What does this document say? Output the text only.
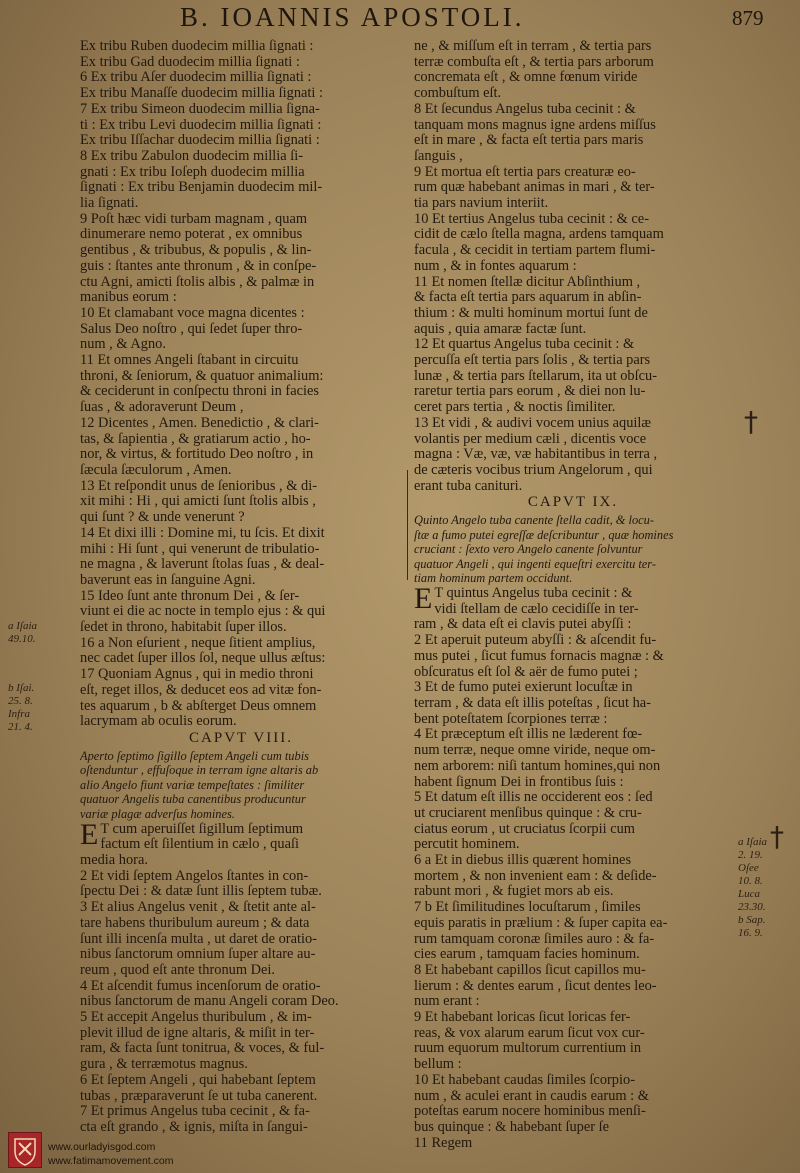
B. IOANNIS APOSTOLI.	879
Ex tribu Ruben duodecim millia ſignati :
Ex tribu Gad duodecim millia ſignati :
6 Ex tribu Aſer duodecim millia ſignati :
Ex tribu Manaſſe duodecim millia ſignati :
7 Ex tribu Simeon duodecim millia ſigna-
ti : Ex tribu Levi duodecim millia ſignati :
Ex tribu Iſſachar duodecim millia ſignati :
8 Ex tribu Zabulon duodecim millia ſi-
gnati : Ex tribu Ioſeph duodecim millia
ſignati : Ex tribu Benjamin duodecim mil-
lia ſignati.
9 Poſt hæc vidi turbam magnam , quam
dinumerare nemo poterat , ex omnibus
gentibus , & tribubus, & populis , & lin-
guis : ſtantes ante thronum , & in conſpe-
ctu Agni, amicti ſtolis albis , & palmæ in
manibus eorum :
10 Et clamabant voce magna dicentes :
Salus Deo noſtro , qui ſedet ſuper thro-
num , & Agno.
11 Et omnes Angeli ſtabant in circuitu
throni, & ſeniorum, & quatuor animalium:
& ceciderunt in conſpectu throni in facies
ſuas , & adoraverunt Deum ,
12 Dicentes , Amen. Benedictio , & clari-
tas, & ſapientia , & gratiarum actio , ho-
nor, & virtus, & fortitudo Deo noſtro , in
ſæcula ſæculorum , Amen.
13 Et reſpondit unus de ſenioribus , & di-
xit mihi : Hi , qui amicti ſunt ſtolis albis ,
qui ſunt ? & unde venerunt ?
14 Et dixi illi : Domine mi, tu ſcis. Et dixit
mihi : Hi ſunt , qui venerunt de tribulatio-
ne magna , & laverunt ſtolas ſuas , & deal-
baverunt eas in ſanguine Agni.
15 Ideo ſunt ante thronum Dei , & ſer-
viunt ei die ac nocte in templo ejus : & qui
ſedet in throno, habitabit ſuper illos.
16 a Non eſurient , neque ſitient amplius,
nec cadet ſuper illos ſol, neque ullus æſtus:
17 Quoniam Agnus , qui in medio throni
eſt, reget illos, & deducet eos ad vitæ fon-
tes aquarum , b & abſterget Deus omnem
lacrymam ab oculis eorum.
CAPVT VIII.
Aperto ſeptimo ſigillo ſeptem Angeli cum tubis
oſtenduntur , effuſoque in terram igne altaris ab
alio Angelo fiunt variæ tempeſtates : ſimiliter
quatuor Angelis tuba canentibus producuntur
variæ plagæ adverſus homines.
E T cum aperuiſſet ſigillum ſeptimum
factum eſt ſilentium in cælo , quaſi
media hora.
2 Et vidi ſeptem Angelos ſtantes in con-
ſpectu Dei : & datæ ſunt illis ſeptem tubæ.
3 Et alius Angelus venit , & ſtetit ante al-
tare habens thuribulum aureum ; & data
ſunt illi incenſa multa , ut daret de oratio-
nibus ſanctorum omnium ſuper altare au-
reum , quod eſt ante thronum Dei.
4 Et aſcendit fumus incenſorum de oratio-
nibus ſanctorum de manu Angeli coram Deo.
5 Et accepit Angelus thuribulum , & im-
plevit illud de igne altaris, & miſit in ter-
ram, & facta ſunt tonitrua, & voces, & ful-
gura , & terræmotus magnus.
6 Et ſeptem Angeli , qui habebant ſeptem
tubas , præparaverunt ſe ut tuba canerent.
7 Et primus Angelus tuba cecinit , & fa-
cta eſt grando , & ignis, miſta in ſangui-
ne , & miſſum eſt in terram , & tertia pars
terræ combuſta eſt , & tertia pars arborum
concremata eſt , & omne fœnum viride
combuſtum eſt.
8 Et ſecundus Angelus tuba cecinit : &
tanquam mons magnus igne ardens miſſus
eſt in mare , & facta eſt tertia pars maris
ſanguis ,
9 Et mortua eſt tertia pars creaturæ eo-
rum quæ habebant animas in mari , & ter-
tia pars navium interiit.
10 Et tertius Angelus tuba cecinit : & ce-
cidit de cælo ſtella magna, ardens tamquam
facula , & cecidit in tertiam partem flumi-
num , & in fontes aquarum :
11 Et nomen ſtellæ dicitur Abſinthium ,
& facta eſt tertia pars aquarum in abſin-
thium : & multi hominum mortui ſunt de
aquis , quia amaræ factæ ſunt.
12 Et quartus Angelus tuba cecinit : &
percuſſa eſt tertia pars ſolis , & tertia pars
lunæ , & tertia pars ſtellarum, ita ut obſcu-
raretur tertia pars eorum , & diei non lu-
ceret pars tertia , & noctis ſimiliter.
13 Et vidi , & audivi vocem unius aquilæ
volantis per medium cæli , dicentis voce
magna : Væ, væ, væ habitantibus in terra ,
de cæteris vocibus trium Angelorum , qui
erant tuba canituri.
CAPVT IX.
Quinto Angelo tuba canente ſtella cadit, & locu-
ſtæ a fumo putei egreſſæ deſcribuntur , quæ homines
cruciant : ſexto vero Angelo canente ſolvuntur
quatuor Angeli , qui ingenti equeſtri exercitu ter-
tiam hominum partem occidunt.
E T quintus Angelus tuba cecinit : &
vidi ſtellam de cælo cecidiſſe in ter-
ram , & data eſt ei clavis putei abyſſi :
2 Et aperuit puteum abyſſi : & aſcendit fu-
mus putei , ſicut fumus fornacis magnæ : &
obſcuratus eſt ſol & aër de fumo putei ;
3 Et de fumo putei exierunt locuſtæ in
terram , & data eſt illis poteſtas , ſicut ha-
bent poteſtatem ſcorpiones terræ :
4 Et præceptum eſt illis ne læderent fœ-
num terræ, neque omne viride, neque om-
nem arborem: niſi tantum homines,qui non
habent ſignum Dei in frontibus ſuis :
5 Et datum eſt illis ne occiderent eos : ſed
ut cruciarent menſibus quinque : & cru-
ciatus eorum , ut cruciatus ſcorpii cum
percutit hominem.
6 a Et in diebus illis quærent homines
mortem , & non invenient eam : & deſide-
rabunt mori , & fugiet mors ab eis.
7 b Et ſimilitudines locuſtarum , ſimiles
equis paratis in prælium : & ſuper capita ea-
rum tamquam coronæ ſimiles auro : & fa-
cies earum , tamquam facies hominum.
8 Et habebant capillos ſicut capillos mu-
lierum : & dentes earum , ſicut dentes leo-
num erant :
9 Et habebant loricas ſicut loricas fer-
reas, & vox alarum earum ſicut vox cur-
ruum equorum multorum currentium in
bellum :
10 Et habebant caudas ſimiles ſcorpio-
num , & aculei erant in caudis earum : &
poteſtas earum nocere hominibus menſi-
bus quinque : & habebant ſuper ſe
11 Regem
a Iſaia
49.10.
b Iſai.
25. 8.
Infra
21. 4.
a Iſaia
2. 19.
Oſee
10. 8.
Luca
23.30.
b Sap.
16. 9.
†
†
www.ourladyisgod.com
www.fatimamovement.com
